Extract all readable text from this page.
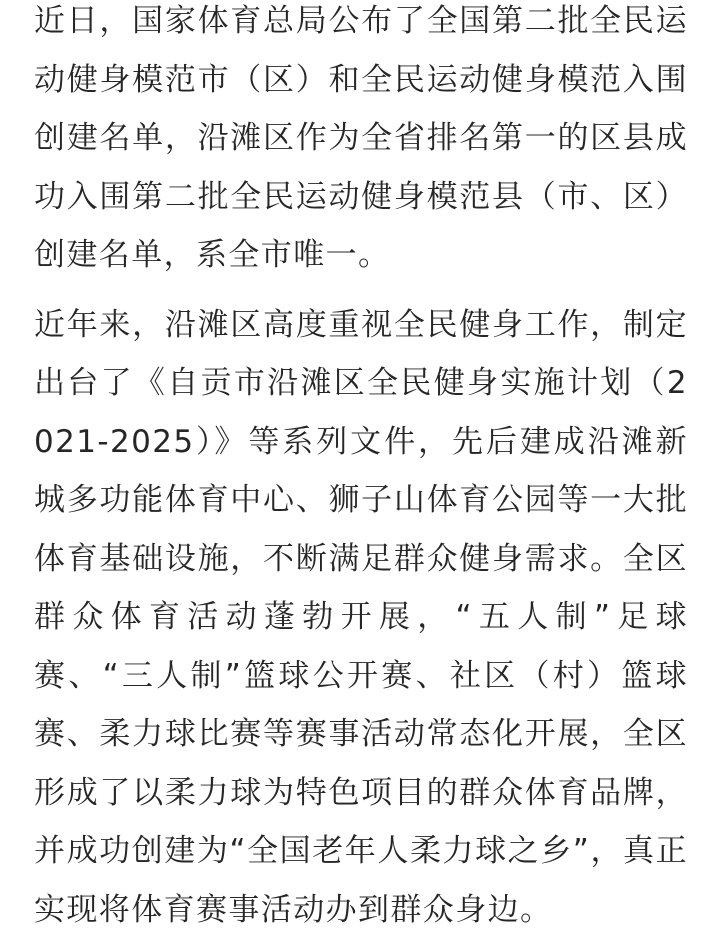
近日，国家体育总局公布了全国第二批全民运动健身模范市（区）和全民运动健身模范入围创建名单，沿滩区作为全省排名第一的区县成功入围第二批全民运动健身模范县（市、区）创建名单，系全市唯一。

近年来，沿滩区高度重视全民健身工作，制定出台了《自贡市沿滩区全民健身实施计划（2021-2025）》等系列文件，先后建成沿滩新城多功能体育中心、狮子山体育公园等一大批体育基础设施，不断满足群众健身需求。全区群众体育活动蓬勃开展，“五人制”足球赛、“三人制”篮球公开赛、社区（村）篮球赛、柔力球比赛等赛事活动常态化开展，全区形成了以柔力球为特色项目的群众体育品牌，并成功创建为“全国老年人柔力球之乡”，真正实现将体育赛事活动办到群众身边。
